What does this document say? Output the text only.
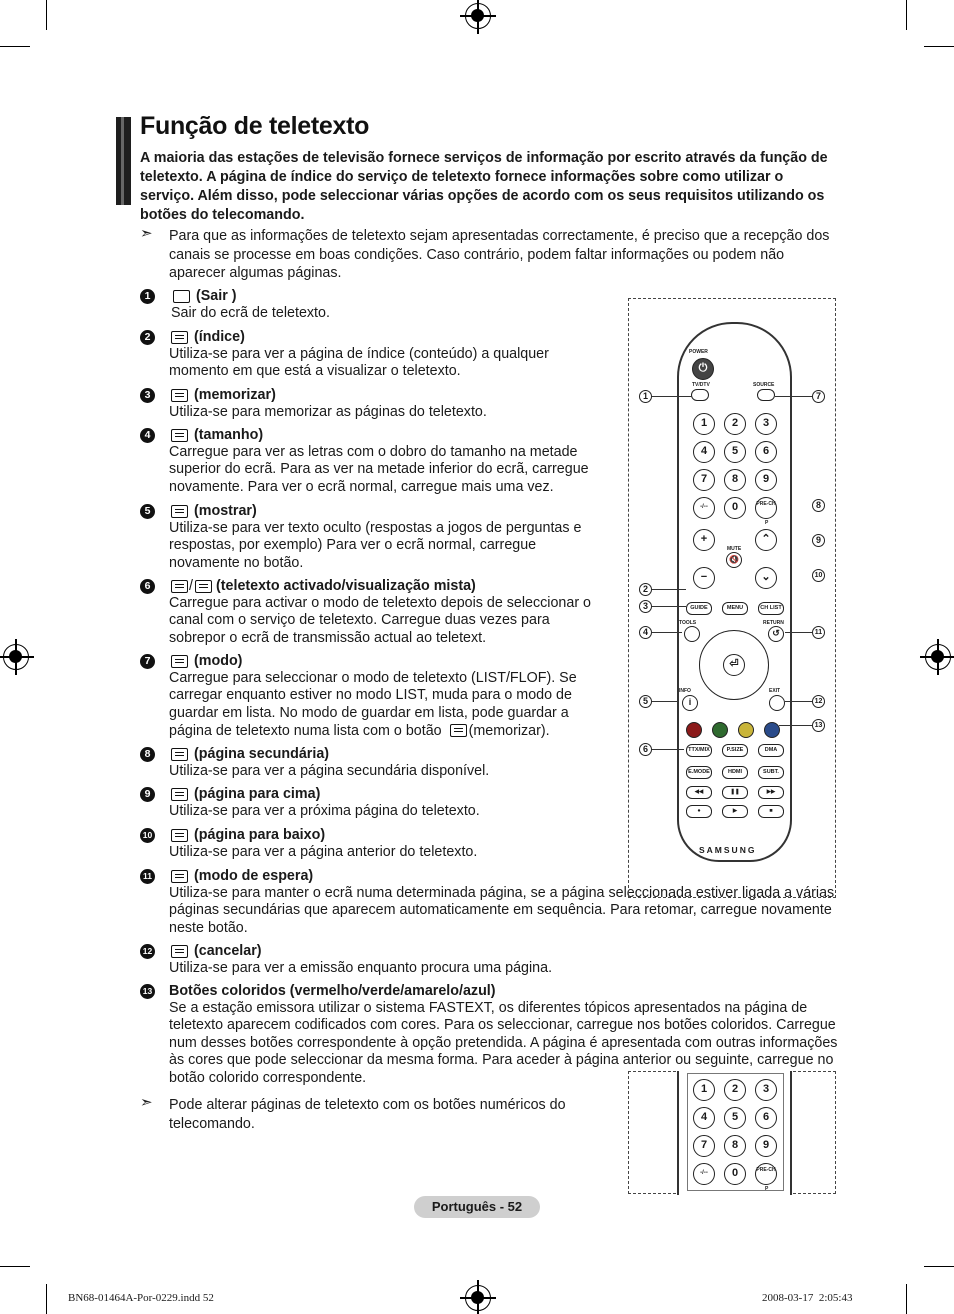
Função de teletexto

A maioria das estações de televisão fornece serviços de informação por escrito através da função de teletexto. A página de índice do serviço de teletexto fornece informações sobre como utilizar o serviço. Além disso, pode seleccionar várias opções de acordo com os seus requisitos utilizando os botões do telecomando.

➣ Para que as informações de teletexto sejam apresentadas correctamente, é preciso que a recepção dos canais se processe em boas condições. Caso contrário, podem faltar informações ou podem não aparecer algumas páginas.
1	(Sair )
Sair do ecrã de teletexto.
2	(índice)
Utiliza-se para ver a página de índice (conteúdo) a qualquer momento em que está a visualizar o teletexto.
3	(memorizar)
Utiliza-se para memorizar as páginas do teletexto.
4	(tamanho)
Carregue para ver as letras com o dobro do tamanho na metade superior do ecrã. Para as ver na metade inferior do ecrã, carregue novamente. Para ver o ecrã normal, carregue mais uma vez.
5	(mostrar)
Utiliza-se para ver texto oculto (respostas a jogos de perguntas e respostas, por exemplo) Para ver o ecrã normal, carregue novamente no botão.
6	/ (teletexto activado/visualização mista)
Carregue para activar o modo de teletexto depois de seleccionar o canal com o serviço de teletexto. Carregue duas vezes para sobrepor o ecrã de transmissão actual ao teletext.
7	(modo)
Carregue para seleccionar o modo de teletexto (LIST/FLOF). Se carregar enquanto estiver no modo LIST, muda para o modo de guardar em lista. No modo de guardar em lista, pode guardar a página de teletexto numa lista com o botão (memorizar).
8	(página secundária)
Utiliza-se para ver a página secundária disponível.
9	(página para cima)
Utiliza-se para ver a próxima página do teletexto.
10	(página para baixo)
Utiliza-se para ver a página anterior do teletexto.
11	(modo de espera)
Utiliza-se para manter o ecrã numa determinada página, se a página seleccionada estiver ligada a várias páginas secundárias que aparecem automaticamente em sequência. Para retomar, carregue novamente neste botão.
12	(cancelar)
Utiliza-se para ver a emissão enquanto procura uma página.
13 Botões coloridos (vermelho/verde/amarelo/azul)
Se a estação emissora utilizar o sistema FASTEXT, os diferentes tópicos apresentados na página de teletexto aparecem codificados com cores. Para os seleccionar, carregue nos botões coloridos. Carregue num desses botões correspondente à opção pretendida. A página é apresentada com outras informações às cores que pode seleccionar da mesma forma. Para aceder à página anterior ou seguinte, carregue no botão colorido correspondente.
➣ Pode alterar páginas de teletexto com os botões numéricos do telecomando.
POWER
⏻
TV/DTV	SOURCE
1	2	3
4	5	6
7	8	9
-/--	0	PRE-CH
P
+
MUTE
🔇
⌃
−	⌄
GUIDE	MENU	CH LIST
TOOLS	RETURN
↺
⏎
INFO
i
EXIT
TTX/MIX	P.SIZE	DMA
E.MODE	HDMI	SUBT.
◀◀	❚❚	▶▶
●	▶	■
SAMSUNG
1	7
8
9
10
2
3
4	11
5	12
13
6
1	2	3
4	5	6
7	8	9
-/--	0	PRE-CH
P
Português - 52
BN68-01464A-Por-0229.indd 52	2008-03-17 ⁤⁤ 2:05:43
